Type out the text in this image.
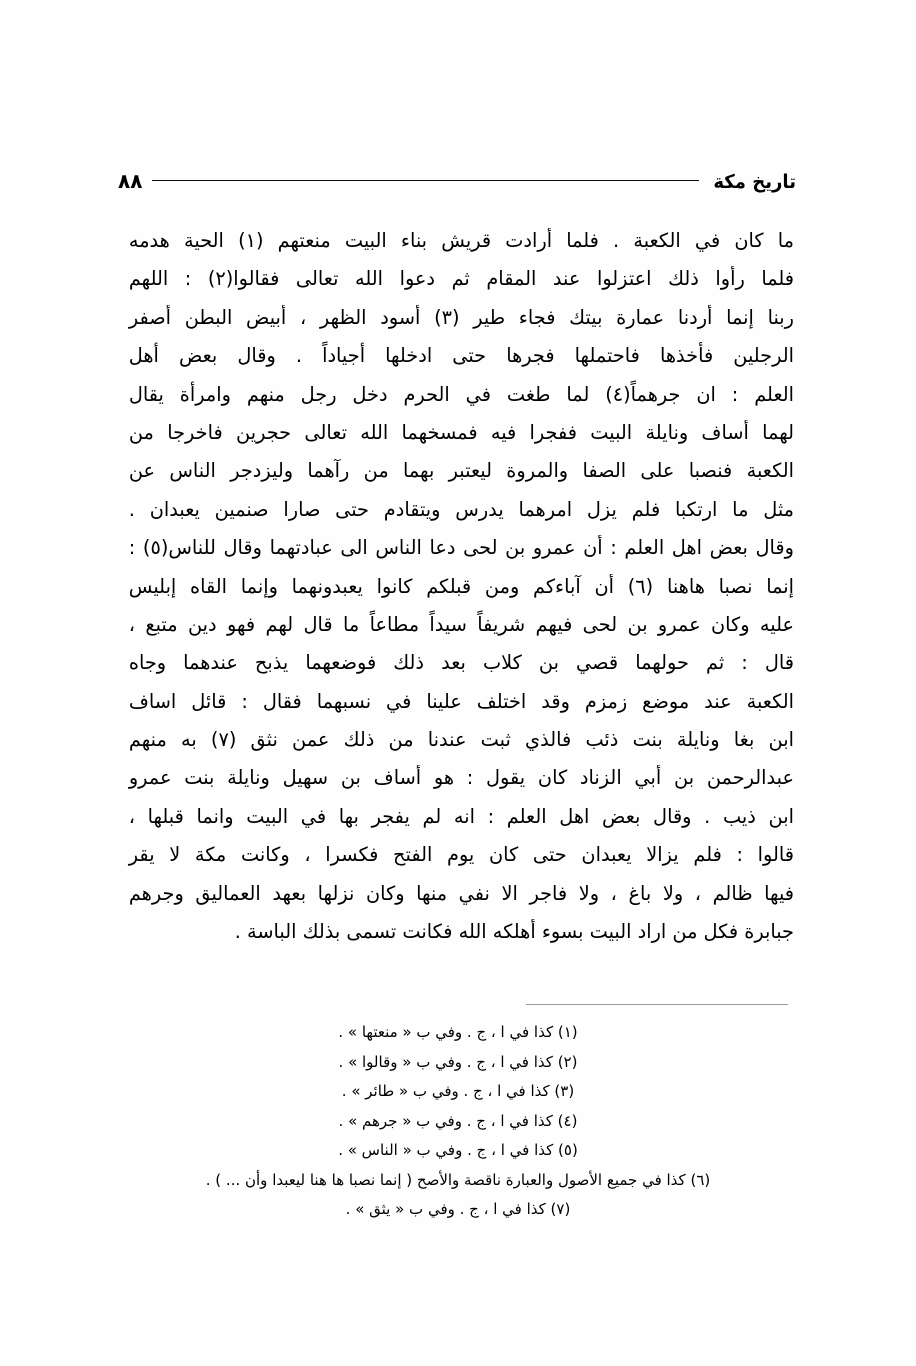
تاريخ مكة
٨٨
ما
كان
في
الكعبة
.
فلما
أرادت
قريش
بناء
البيت
منعتهم
(١)
الحية
هدمه
فلما
رأوا
ذلك
اعتزلوا
عند
المقام
ثم
دعوا
الله
تعالى
فقالوا(٢)
:
اللهم
ربنا
إنما
أردنا
عمارة
بيتك
فجاء
طير
(٣)
أسود
الظهر
،
أبيض
البطن
أصفر
الرجلين
فأخذها
فاحتملها
فجرها
حتى
ادخلها
أجياداً
.
وقال
بعض
أهل
العلم
:
ان
جرهماً(٤)
لما
طغت
في
الحرم
دخل
رجل
منهم
وامرأة
يقال
لهما
أساف
ونايلة
البيت
ففجرا
فيه
فمسخهما
الله
تعالى
حجرين
فاخرجا
من
الكعبة
فنصبا
على
الصفا
والمروة
ليعتبر
بهما
من
رآهما
وليزدجر
الناس
عن
مثل
ما
ارتكبا
فلم
يزل
امرهما
يدرس
ويتقادم
حتى
صارا
صنمين
يعبدان
.
وقال
بعض
اهل
العلم
:
أن
عمرو
بن
لحى
دعا
الناس
الى
عبادتهما
وقال
للناس(٥)
:
إنما
نصبا
هاهنا
(٦)
أن
آباءكم
ومن
قبلكم
كانوا
يعبدونهما
وإنما
القاه
إبليس
عليه
وكان
عمرو
بن
لحى
فيهم
شريفاً
سيداً
مطاعاً
ما
قال
لهم
فهو
دين
متبع
،
قال
:
ثم
حولهما
قصي
بن
كلاب
بعد
ذلك
فوضعهما
يذبح
عندهما
وجاه
الكعبة
عند
موضع
زمزم
وقد
اختلف
علينا
في
نسبهما
فقال
:
قائل
اساف
ابن
بغا
ونايلة
بنت
ذئب
فالذي
ثبت
عندنا
من
ذلك
عمن
نثق
(٧)
به
منهم
عبدالرحمن
بن
أبي
الزناد
كان
يقول
:
هو
أساف
بن
سهيل
ونايلة
بنت
عمرو
ابن
ذيب
.
وقال
بعض
اهل
العلم
:
انه
لم
يفجر
بها
في
البيت
وانما
قبلها
،
قالوا
:
فلم
يزالا
يعبدان
حتى
كان
يوم
الفتح
فكسرا
،
وكانت
مكة
لا
يقر
فيها
ظالم
،
ولا
باغ
،
ولا
فاجر
الا
نفي
منها
وكان
نزلها
بعهد
العماليق
وجرهم
جبابرة فكل من اراد البيت بسوء أهلكه الله فكانت تسمى بذلك الباسة .
(١) كذا في ا ، ج . وفي ب « منعتها » .
(٢) كذا في ا ، ج . وفي ب « وقالوا » .
(٣) كذا في ا ، ج . وفي ب « طائر » .
(٤) كذا في ا ، ج . وفي ب « جرهم » .
(٥) كذا في ا ، ج . وفي ب « الناس » .
(٦) كذا في جميع الأصول والعبارة ناقصة والأصح ( إنما نصبا ها هنا ليعبدا وأن ... ) .
(٧) كذا في ا ، ج . وفي ب « يثق » .
